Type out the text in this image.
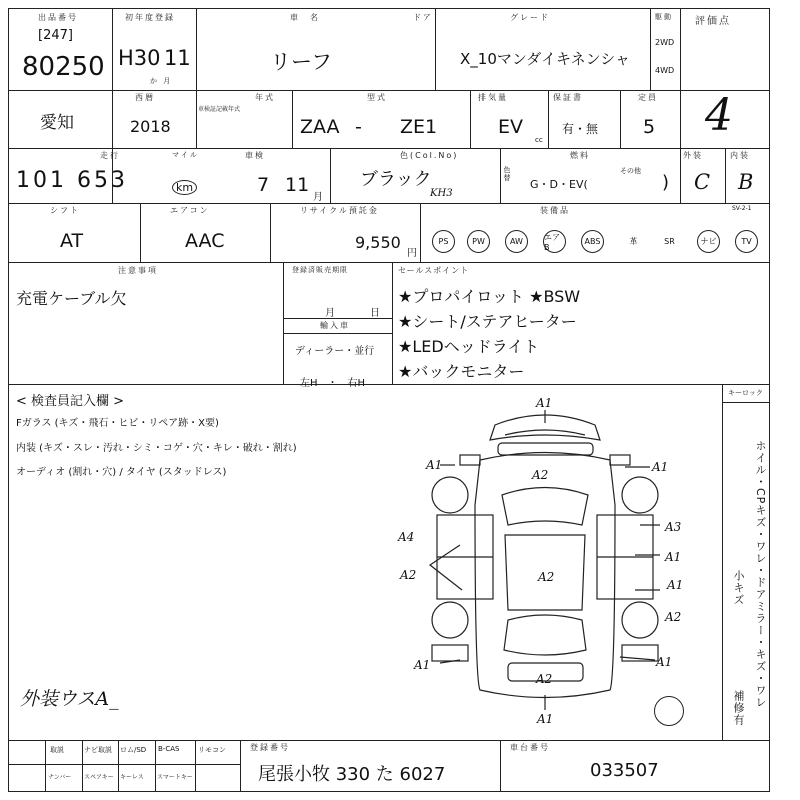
出品番号
[247]
80250
初年度登録
H30 11
か 月
車　名
リーフ
ドア	グレード
X_10マンダイキネンシャ
駆動
2WD
4WD
評価点
4
愛知
西暦
2018
年式
車検証記載年式
型式
ZAA - ZE1
排気量
EV
cc
保証書
有・無
定員
5
走行	マイル
101 653	km
車検
7 11
月
色(Col.No)
ブラック
KH3
色替
燃料
G・D・EV(
その他
)
外装
C
内装
B
シフト
AT
エアコン
AAC
リサイクル預託金
9,550
円
装備品	SV-2-1
PS	PW	AW	エアB
ABS	革	SR	ナビ	TV
注意事項
充電ケーブル欠
登録済販売期限
月	日
輸入車
ディーラー・並行
左H　・　右H
セールスポイント
★プロパイロット ★BSW
★シート/ステアヒーター
★LEDヘッドライト
★バックモニター
< 検査員記入欄 >
Fガラス (キズ・飛石・ヒビ・リペア跡・X要)
内装 (キズ・スレ・汚れ・シミ・コゲ・穴・キレ・破れ・割れ)
オーディオ (割れ・穴) / タイヤ (スタッドレス)
外装ウスA_
キーロック
ホイル・CPキズ・ワレ・ドアミラー・キズ・ワレ
小キズ
補修有
A1
A2
A1	A1
A3
A1
A4
A2	A2
A1
A2
A1
A2
A1
A1
取説	ナビ取説 ロム/SD B-CAS	リモコン
ナンバー スペアキー キーレス スマートキー
登録番号
尾張小牧 330 た 6027
車台番号
033507
